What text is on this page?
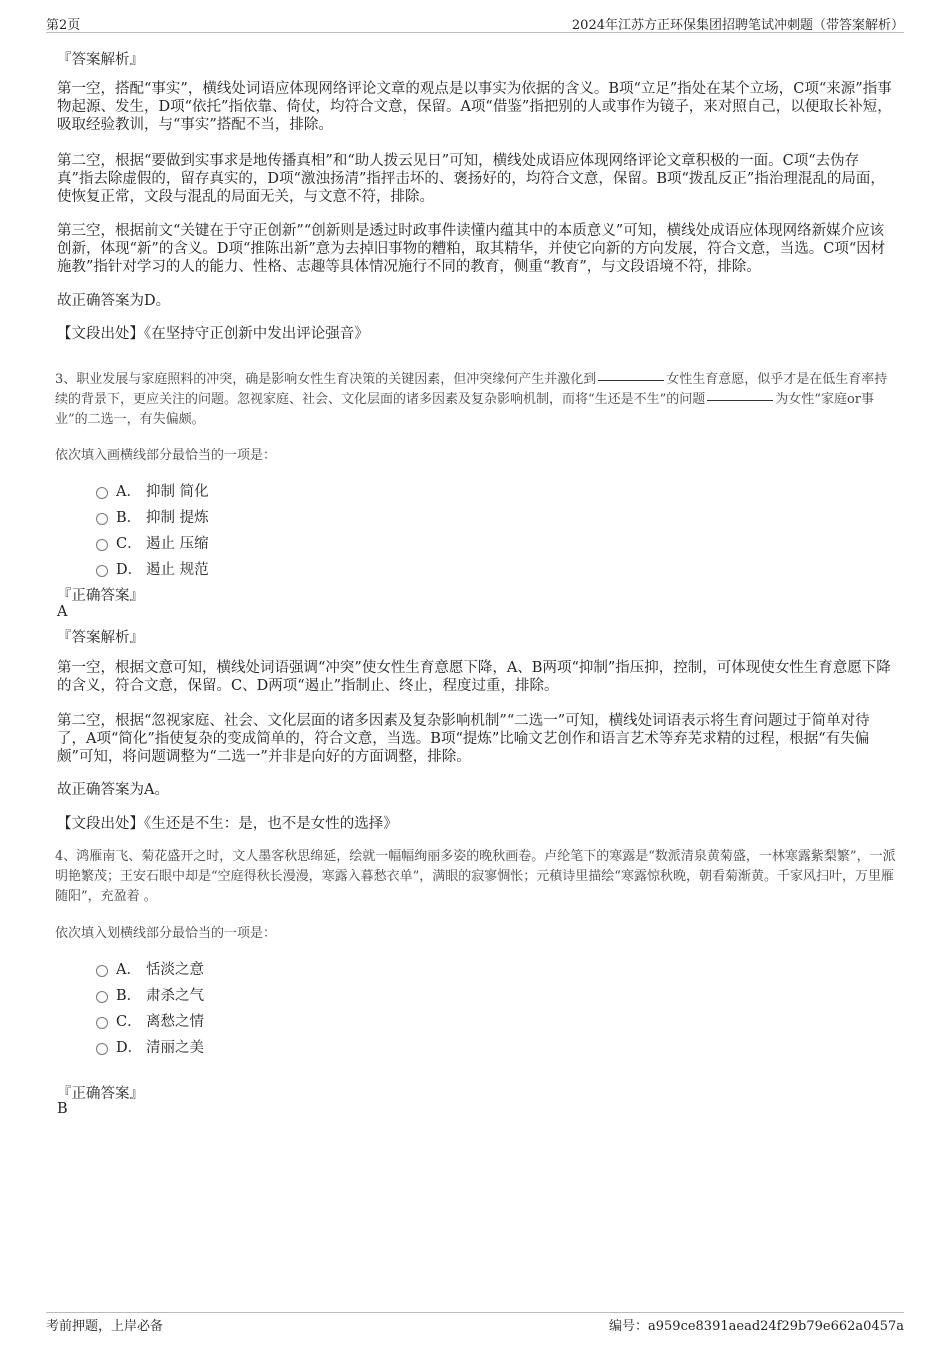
第2页	2024年江苏方正环保集团招聘笔试冲刺题（带答案解析）
『答案解析』

第一空，搭配“事实”，横线处词语应体现网络评论文章的观点是以事实为依据的含义。B项“立足”指处在某个立场，C项“来源”指事物起源、发生，D项“依托”指依靠、倚仗，均符合文意，保留。A项“借鉴”指把别的人或事作为镜子，来对照自己，以便取长补短，吸取经验教训，与“事实”搭配不当，排除。

第二空，根据“要做到实事求是地传播真相”和“助人拨云见日”可知，横线处成语应体现网络评论文章积极的一面。C项“去伪存真”指去除虚假的，留存真实的，D项“激浊扬清”指抨击坏的、褒扬好的，均符合文意，保留。B项“拨乱反正”指治理混乱的局面，使恢复正常，文段与混乱的局面无关，与文意不符，排除。

第三空，根据前文“关键在于守正创新”“创新则是透过时政事件读懂内蕴其中的本质意义”可知，横线处成语应体现网络新媒介应该创新，体现“新”的含义。D项“推陈出新”意为去掉旧事物的糟粕，取其精华，并使它向新的方向发展，符合文意，当选。C项“因材施教”指针对学习的人的能力、性格、志趣等具体情况施行不同的教育，侧重“教育”，与文段语境不符，排除。

故正确答案为D。
【文段出处】《在坚持守正创新中发出评论强音》
3、职业发展与家庭照料的冲突，确是影响女性生育决策的关键因素，但冲突缘何产生并激化到	女性生育意愿，似乎才是在低生育率持续的背景下，更应关注的问题。忽视家庭、社会、文化层面的诸多因素及复杂影响机制，而将“生还是不生”的问题	为女性“家庭or事业”的二选一，有失偏颇。
依次填入画横线部分最恰当的一项是：
A． 抑制 简化
B． 抑制 提炼
C． 遏止 压缩
D． 遏止 规范
『正确答案』
A
『答案解析』

第一空，根据文意可知，横线处词语强调“冲突”使女性生育意愿下降，A、B两项“抑制”指压抑，控制，可体现使女性生育意愿下降的含义，符合文意，保留。C、D两项“遏止”指制止、终止，程度过重，排除。

第二空，根据“忽视家庭、社会、文化层面的诸多因素及复杂影响机制”“二选一”可知，横线处词语表示将生育问题过于简单对待了，A项“简化”指使复杂的变成简单的，符合文意，当选。B项“提炼”比喻文艺创作和语言艺术等弃芜求精的过程，根据“有失偏颇”可知，将问题调整为“二选一”并非是向好的方面调整，排除。

故正确答案为A。
【文段出处】《生还是不生：是，也不是女性的选择》
4、鸿雁南飞、菊花盛开之时，文人墨客秋思绵延，绘就一幅幅绚丽多姿的晚秋画卷。卢纶笔下的寒露是“数派清泉黄菊盛，一林寒露紫梨繁”，一派明艳繁茂；王安石眼中却是“空庭得秋长漫漫，寒露入暮愁衣单”，满眼的寂寥惆怅；元稹诗里描绘“寒露惊秋晚，朝看菊渐黄。千家风扫叶，万里雁随阳”，充盈着 。
依次填入划横线部分最恰当的一项是：
A． 恬淡之意
B． 肃杀之气
C． 离愁之情
D． 清丽之美
『正确答案』
B
考前押题，上岸必备	编号：a959ce8391aead24f29b79e662a0457a
